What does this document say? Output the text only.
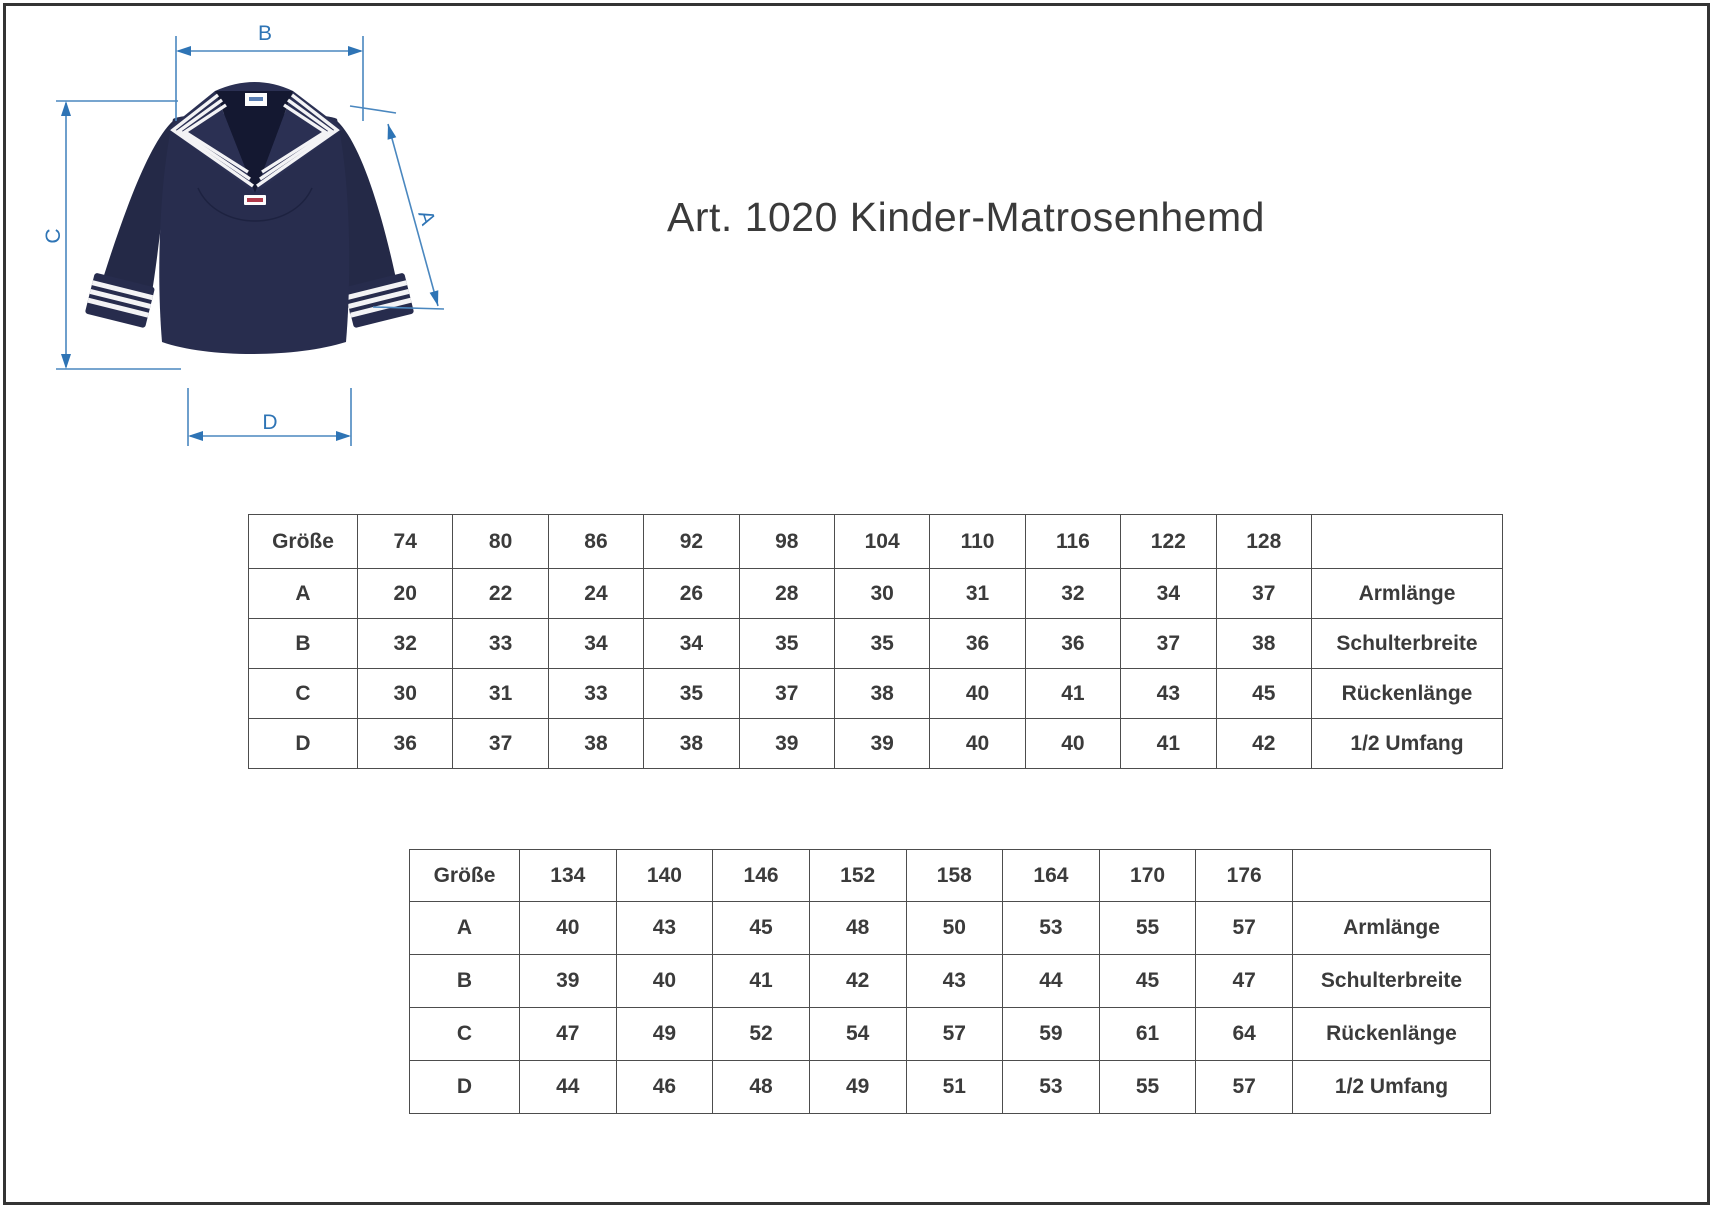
B
C
A
D
Art. 1020 Kinder-Matrosenhemd
Größe	74	80	86	92	98	104	110	116	122	128	
A	20	22	24	26	28	30	31	32	34	37	Armlänge
B	32	33	34	34	35	35	36	36	37	38	Schulterbreite
C	30	31	33	35	37	38	40	41	43	45	Rückenlänge
D	36	37	38	38	39	39	40	40	41	42	1/2 Umfang
Größe	134	140	146	152	158	164	170	176	
A	40	43	45	48	50	53	55	57	Armlänge
B	39	40	41	42	43	44	45	47	Schulterbreite
C	47	49	52	54	57	59	61	64	Rückenlänge
D	44	46	48	49	51	53	55	57	1/2 Umfang
